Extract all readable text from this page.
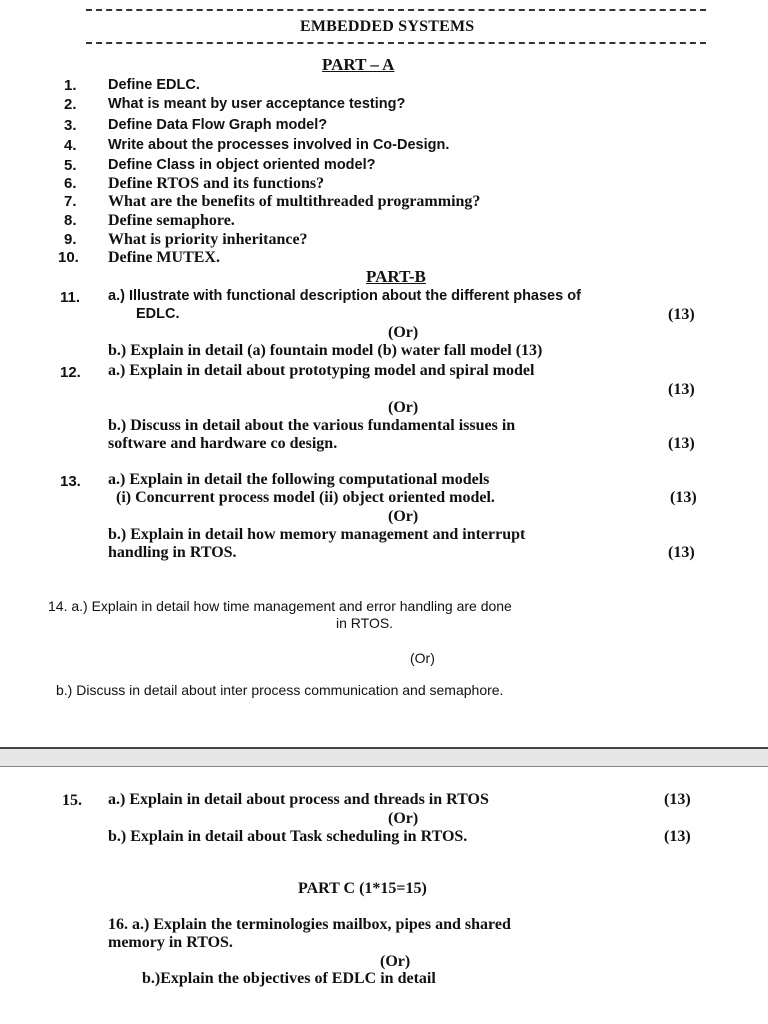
EMBEDDED SYSTEMS
PART – A
1. Define EDLC.
2. What is meant by user acceptance testing?
3. Define Data Flow Graph model?
4. Write about the processes involved in Co-Design.
5. Define Class in object oriented model?
6. Define RTOS and its functions?
7. What are the benefits of multithreaded programming?
8. Define semaphore.
9. What is priority inheritance?
10. Define MUTEX.
PART-B
11. a.) Illustrate with functional description about the different phases of
EDLC.	(13)
(Or)
b.) Explain in detail (a) fountain model (b) water fall model (13)
12. a.) Explain in detail about prototyping model and spiral model
(13)
(Or)
b.) Discuss in detail about the various fundamental issues in
software and hardware co design.	(13)
13. a.) Explain in detail the following computational models
(i) Concurrent process model (ii) object oriented model.	(13)
(Or)
b.) Explain in detail how memory management and interrupt
handling in RTOS.	(13)
14. a.) Explain in detail how time management and error handling are done
in RTOS.
(Or)
b.) Discuss in detail about inter process communication and semaphore.
15. a.) Explain in detail about process and threads in RTOS	(13)
(Or)
b.) Explain in detail about Task scheduling in RTOS.	(13)
PART C (1*15=15)
16. a.) Explain the terminologies mailbox, pipes and shared
memory in RTOS.
(Or)
b.)Explain the objectives of EDLC in detail
